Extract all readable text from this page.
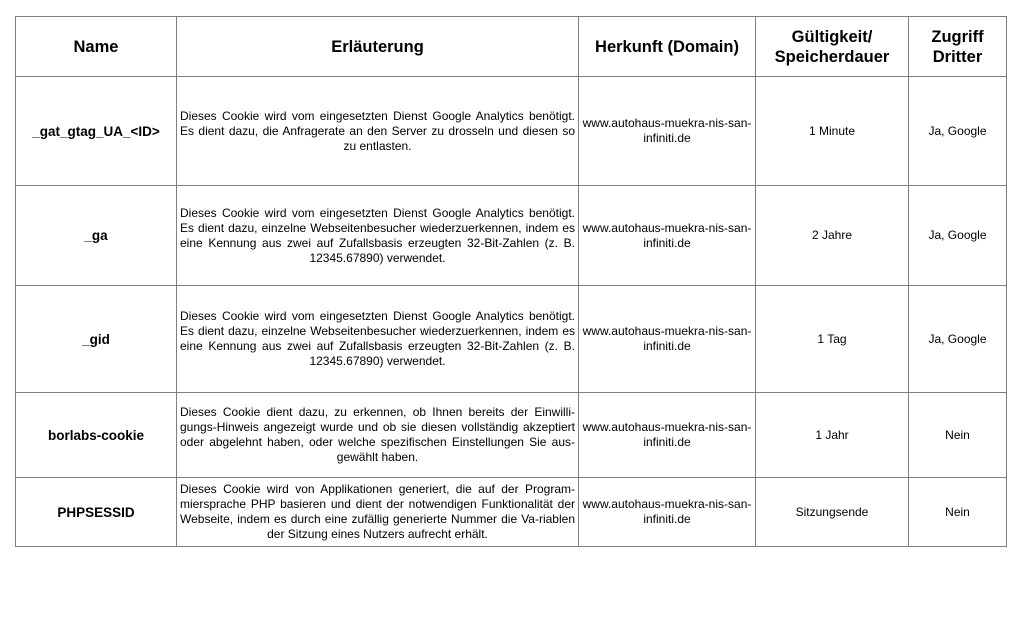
Name	Erläuterung	Herkunft (Domain)	Gültigkeit/ Speicherdauer	Zugriff Dritter
_gat_gtag_UA_<ID>	Dieses Cookie wird vom eingesetzten Dienst Google Analytics benötigt. Es dient dazu, die Anfragerate an den Server zu drosseln und diesen so zu entlasten.	www.autohaus-muekra-nis-san-infiniti.de	1 Minute	Ja, Google
_ga	Dieses Cookie wird vom eingesetzten Dienst Google Analytics benötigt. Es dient dazu, einzelne Webseitenbesucher wiederzuerkennen, indem es eine Kennung aus zwei auf Zufallsbasis erzeugten 32-Bit-Zahlen (z. B. 12345.67890) verwendet.	www.autohaus-muekra-nis-san-infiniti.de	2 Jahre	Ja, Google
_gid	Dieses Cookie wird vom eingesetzten Dienst Google Analytics benötigt. Es dient dazu, einzelne Webseitenbesucher wiederzuerkennen, indem es eine Kennung aus zwei auf Zufallsbasis erzeugten 32-Bit-Zahlen (z. B. 12345.67890) verwendet.	www.autohaus-muekra-nis-san-infiniti.de	1 Tag	Ja, Google
borlabs-cookie	Dieses Cookie dient dazu, zu erkennen, ob Ihnen bereits der Einwilli-gungs-Hinweis angezeigt wurde und ob sie diesen vollständig akzeptiert oder abgelehnt haben, oder welche spezifischen Einstellungen Sie aus-gewählt haben.	www.autohaus-muekra-nis-san-infiniti.de	1 Jahr	Nein
PHPSESSID	Dieses Cookie wird von Applikationen generiert, die auf der Program-miersprache PHP basieren und dient der notwendigen Funktionalität der Webseite, indem es durch eine zufällig generierte Nummer die Va-riablen der Sitzung eines Nutzers aufrecht erhält.	www.autohaus-muekra-nis-san-infiniti.de	Sitzungsende	Nein
